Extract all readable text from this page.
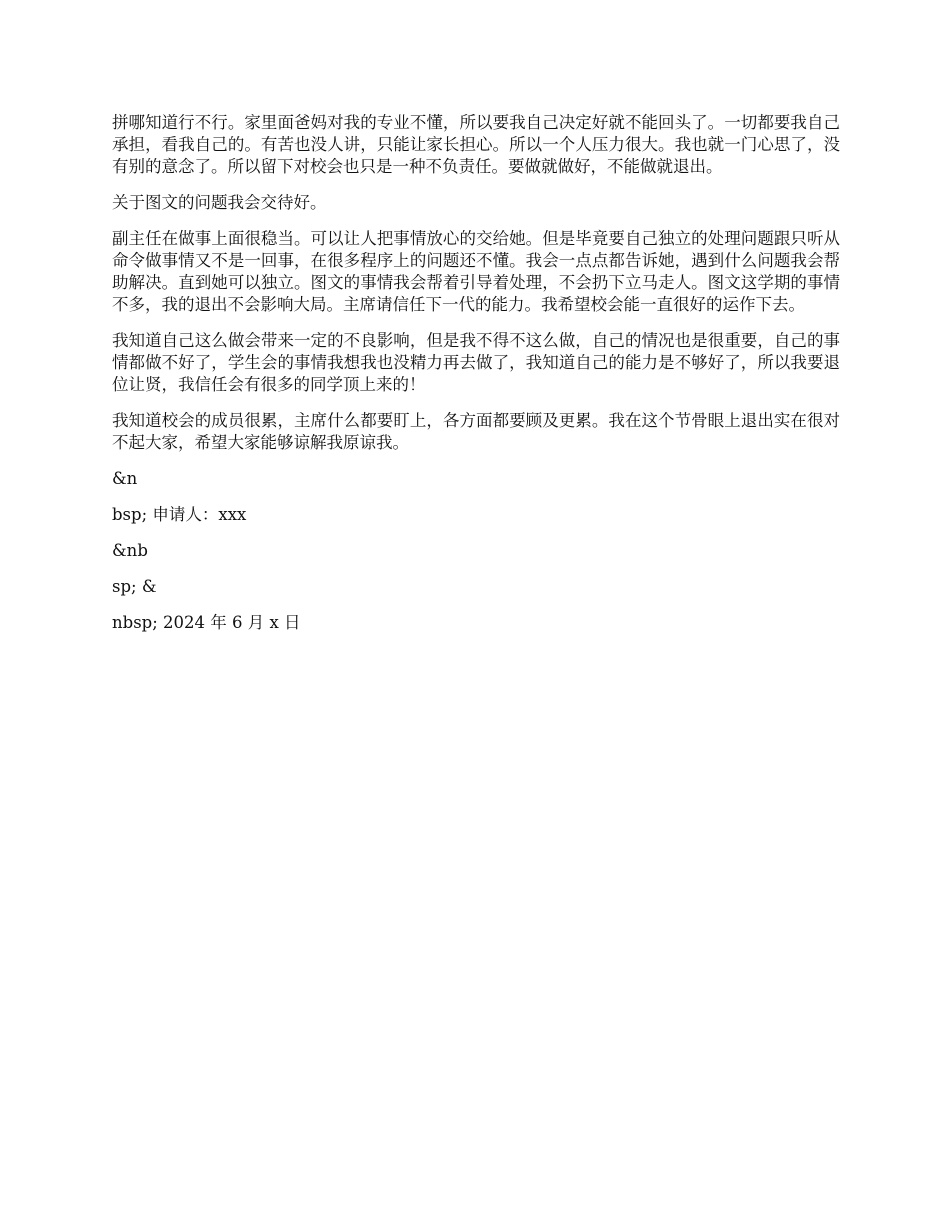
拼哪知道行不行。家里面爸妈对我的专业不懂，所以要我自己决定好就不能回头了。一切都要我自己承担，看我自己的。有苦也没人讲，只能让家长担心。所以一个人压力很大。我也就一门心思了，没有别的意念了。所以留下对校会也只是一种不负责任。要做就做好，不能做就退出。

关于图文的问题我会交待好。

副主任在做事上面很稳当。可以让人把事情放心的交给她。但是毕竟要自己独立的处理问题跟只听从命令做事情又不是一回事，在很多程序上的问题还不懂。我会一点点都告诉她，遇到什么问题我会帮助解决。直到她可以独立。图文的事情我会帮着引导着处理，不会扔下立马走人。图文这学期的事情不多，我的退出不会影响大局。主席请信任下一代的能力。我希望校会能一直很好的运作下去。

我知道自己这么做会带来一定的不良影响，但是我不得不这么做，自己的情况也是很重要，自己的事情都做不好了，学生会的事情我想我也没精力再去做了，我知道自己的能力是不够好了，所以我要退位让贤，我信任会有很多的同学顶上来的！

我知道校会的成员很累，主席什么都要盯上，各方面都要顾及更累。我在这个节骨眼上退出实在很对不起大家，希望大家能够谅解我原谅我。

&n

bsp; 申请人：xxx

&nb

sp; &

nbsp; 2024 年 6 月 x 日
